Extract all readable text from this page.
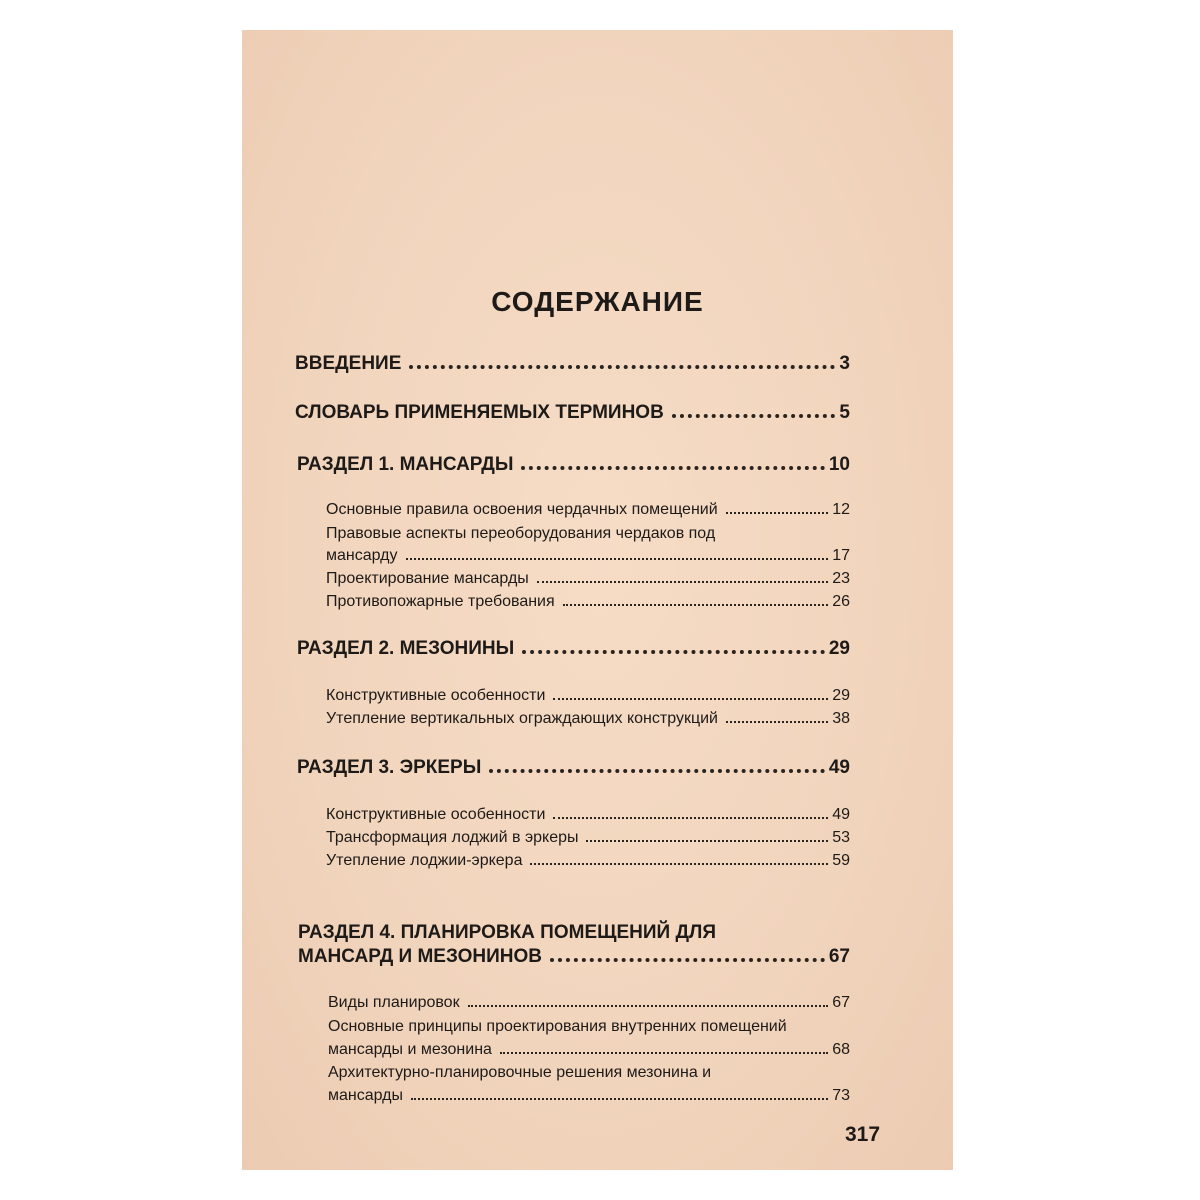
СОДЕРЖАНИЕ
ВВЕДЕНИЕ	3
СЛОВАРЬ ПРИМЕНЯЕМЫХ ТЕРМИНОВ	5
РАЗДЕЛ 1. МАНСАРДЫ	10
Основные правила освоения чердачных помещений	12
Правовые аспекты переоборудования чердаков под
мансарду	17
Проектирование мансарды	23
Противопожарные требования	26
РАЗДЕЛ 2. МЕЗОНИНЫ	29
Конструктивные особенности	29
Утепление вертикальных ограждающих конструкций	38
РАЗДЕЛ 3. ЭРКЕРЫ	49
Конструктивные особенности	49
Трансформация лоджий в эркеры	53
Утепление лоджии-эркера	59
РАЗДЕЛ 4. ПЛАНИРОВКА ПОМЕЩЕНИЙ ДЛЯ
МАНСАРД И МЕЗОНИНОВ	67
Виды планировок	67
Основные принципы проектирования внутренних помещений
мансарды и мезонина	68
Архитектурно-планировочные решения мезонина и
мансарды	73
317
